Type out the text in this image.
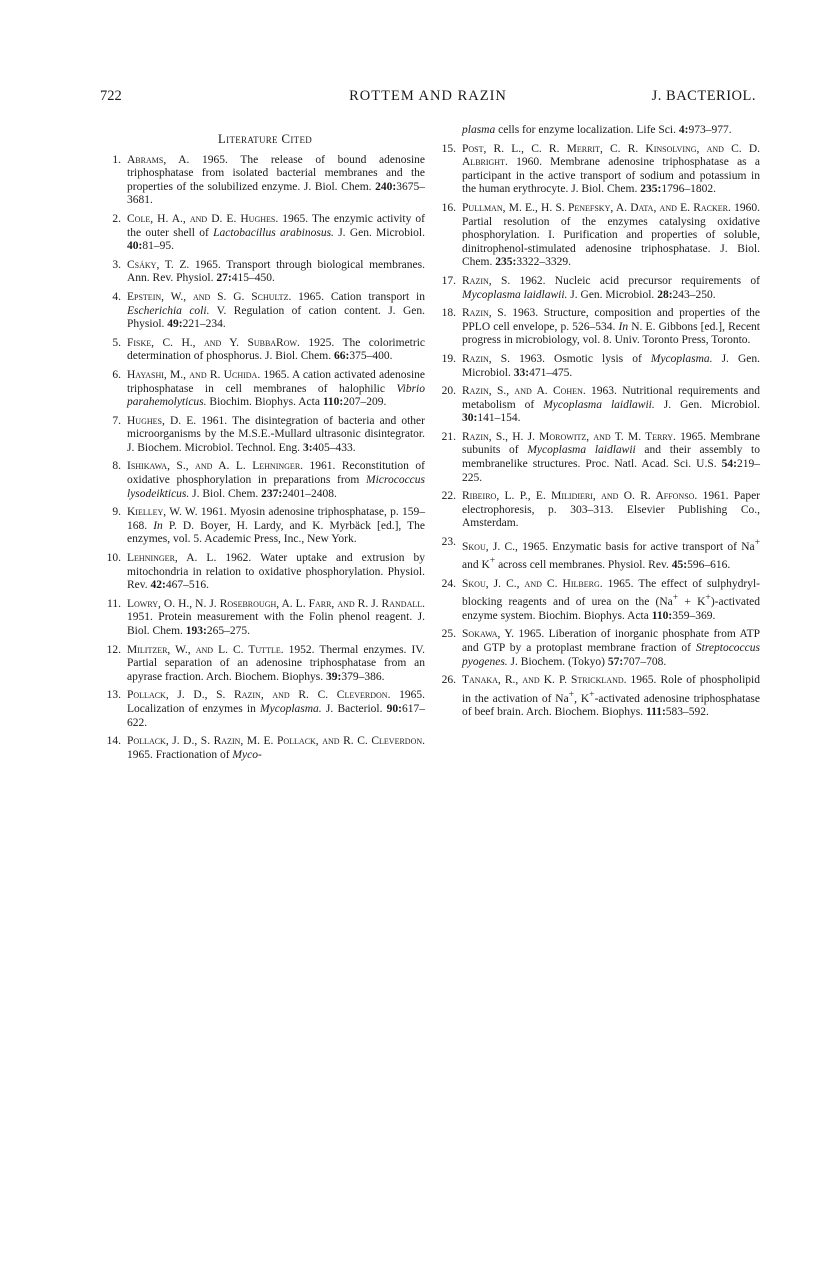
722	ROTTEM AND RAZIN	J. BACTERIOL.
Literature Cited
1. Abrams, A. 1965. The release of bound adenosine triphosphatase from isolated bacterial membranes and the properties of the solubilized enzyme. J. Biol. Chem. 240:3675–3681.
2. Cole, H. A., and D. E. Hughes. 1965. The enzymic activity of the outer shell of Lactobacillus arabinosus. J. Gen. Microbiol. 40:81–95.
3. Csáky, T. Z. 1965. Transport through biological membranes. Ann. Rev. Physiol. 27:415–450.
4. Epstein, W., and S. G. Schultz. 1965. Cation transport in Escherichia coli. V. Regulation of cation content. J. Gen. Physiol. 49:221–234.
5. Fiske, C. H., and Y. SubbaRow. 1925. The colorimetric determination of phosphorus. J. Biol. Chem. 66:375–400.
6. Hayashi, M., and R. Uchida. 1965. A cation activated adenosine triphosphatase in cell membranes of halophilic Vibrio parahemolyticus. Biochim. Biophys. Acta 110:207–209.
7. Hughes, D. E. 1961. The disintegration of bacteria and other microorganisms by the M.S.E.-Mullard ultrasonic disintegrator. J. Biochem. Microbiol. Technol. Eng. 3:405–433.
8. Ishikawa, S., and A. L. Lehninger. 1961. Reconstitution of oxidative phosphorylation in preparations from Micrococcus lysodeikticus. J. Biol. Chem. 237:2401–2408.
9. Kielley, W. W. 1961. Myosin adenosine triphosphatase, p. 159–168. In P. D. Boyer, H. Lardy, and K. Myrbäck [ed.], The enzymes, vol. 5. Academic Press, Inc., New York.
10. Lehninger, A. L. 1962. Water uptake and extrusion by mitochondria in relation to oxidative phosphorylation. Physiol. Rev. 42:467–516.
11. Lowry, O. H., N. J. Rosebrough, A. L. Farr, and R. J. Randall. 1951. Protein measurement with the Folin phenol reagent. J. Biol. Chem. 193:265–275.
12. Militzer, W., and L. C. Tuttle. 1952. Thermal enzymes. IV. Partial separation of an adenosine triphosphatase from an apyrase fraction. Arch. Biochem. Biophys. 39:379–386.
13. Pollack, J. D., S. Razin, and R. C. Cleverdon. 1965. Localization of enzymes in Mycoplasma. J. Bacteriol. 90:617–622.
14. Pollack, J. D., S. Razin, M. E. Pollack, and R. C. Cleverdon. 1965. Fractionation of Myco-
plasma cells for enzyme localization. Life Sci. 4:973–977.
15. Post, R. L., C. R. Merrit, C. R. Kinsolving, and C. D. Albright. 1960. Membrane adenosine triphosphatase as a participant in the active transport of sodium and potassium in the human erythrocyte. J. Biol. Chem. 235:1796–1802.
16. Pullman, M. E., H. S. Penefsky, A. Data, and E. Racker. 1960. Partial resolution of the enzymes catalysing oxidative phosphorylation. I. Purification and properties of soluble, dinitrophenol-stimulated adenosine triphosphatase. J. Biol. Chem. 235:3322–3329.
17. Razin, S. 1962. Nucleic acid precursor requirements of Mycoplasma laidlawii. J. Gen. Microbiol. 28:243–250.
18. Razin, S. 1963. Structure, composition and properties of the PPLO cell envelope, p. 526–534. In N. E. Gibbons [ed.], Recent progress in microbiology, vol. 8. Univ. Toronto Press, Toronto.
19. Razin, S. 1963. Osmotic lysis of Mycoplasma. J. Gen. Microbiol. 33:471–475.
20. Razin, S., and A. Cohen. 1963. Nutritional requirements and metabolism of Mycoplasma laidlawii. J. Gen. Microbiol. 30:141–154.
21. Razin, S., H. J. Morowitz, and T. M. Terry. 1965. Membrane subunits of Mycoplasma laidlawii and their assembly to membranelike structures. Proc. Natl. Acad. Sci. U.S. 54:219–225.
22. Ribeiro, L. P., E. Milidieri, and O. R. Affonso. 1961. Paper electrophoresis, p. 303–313. Elsevier Publishing Co., Amsterdam.
23. Skou, J. C., 1965. Enzymatic basis for active transport of Na+ and K+ across cell membranes. Physiol. Rev. 45:596–616.
24. Skou, J. C., and C. Hilberg. 1965. The effect of sulphydryl-blocking reagents and of urea on the (Na+ + K+)-activated enzyme system. Biochim. Biophys. Acta 110:359–369.
25. Sokawa, Y. 1965. Liberation of inorganic phosphate from ATP and GTP by a protoplast membrane fraction of Streptococcus pyogenes. J. Biochem. (Tokyo) 57:707–708.
26. Tanaka, R., and K. P. Strickland. 1965. Role of phospholipid in the activation of Na+, K+-activated adenosine triphosphatase of beef brain. Arch. Biochem. Biophys. 111:583–592.
